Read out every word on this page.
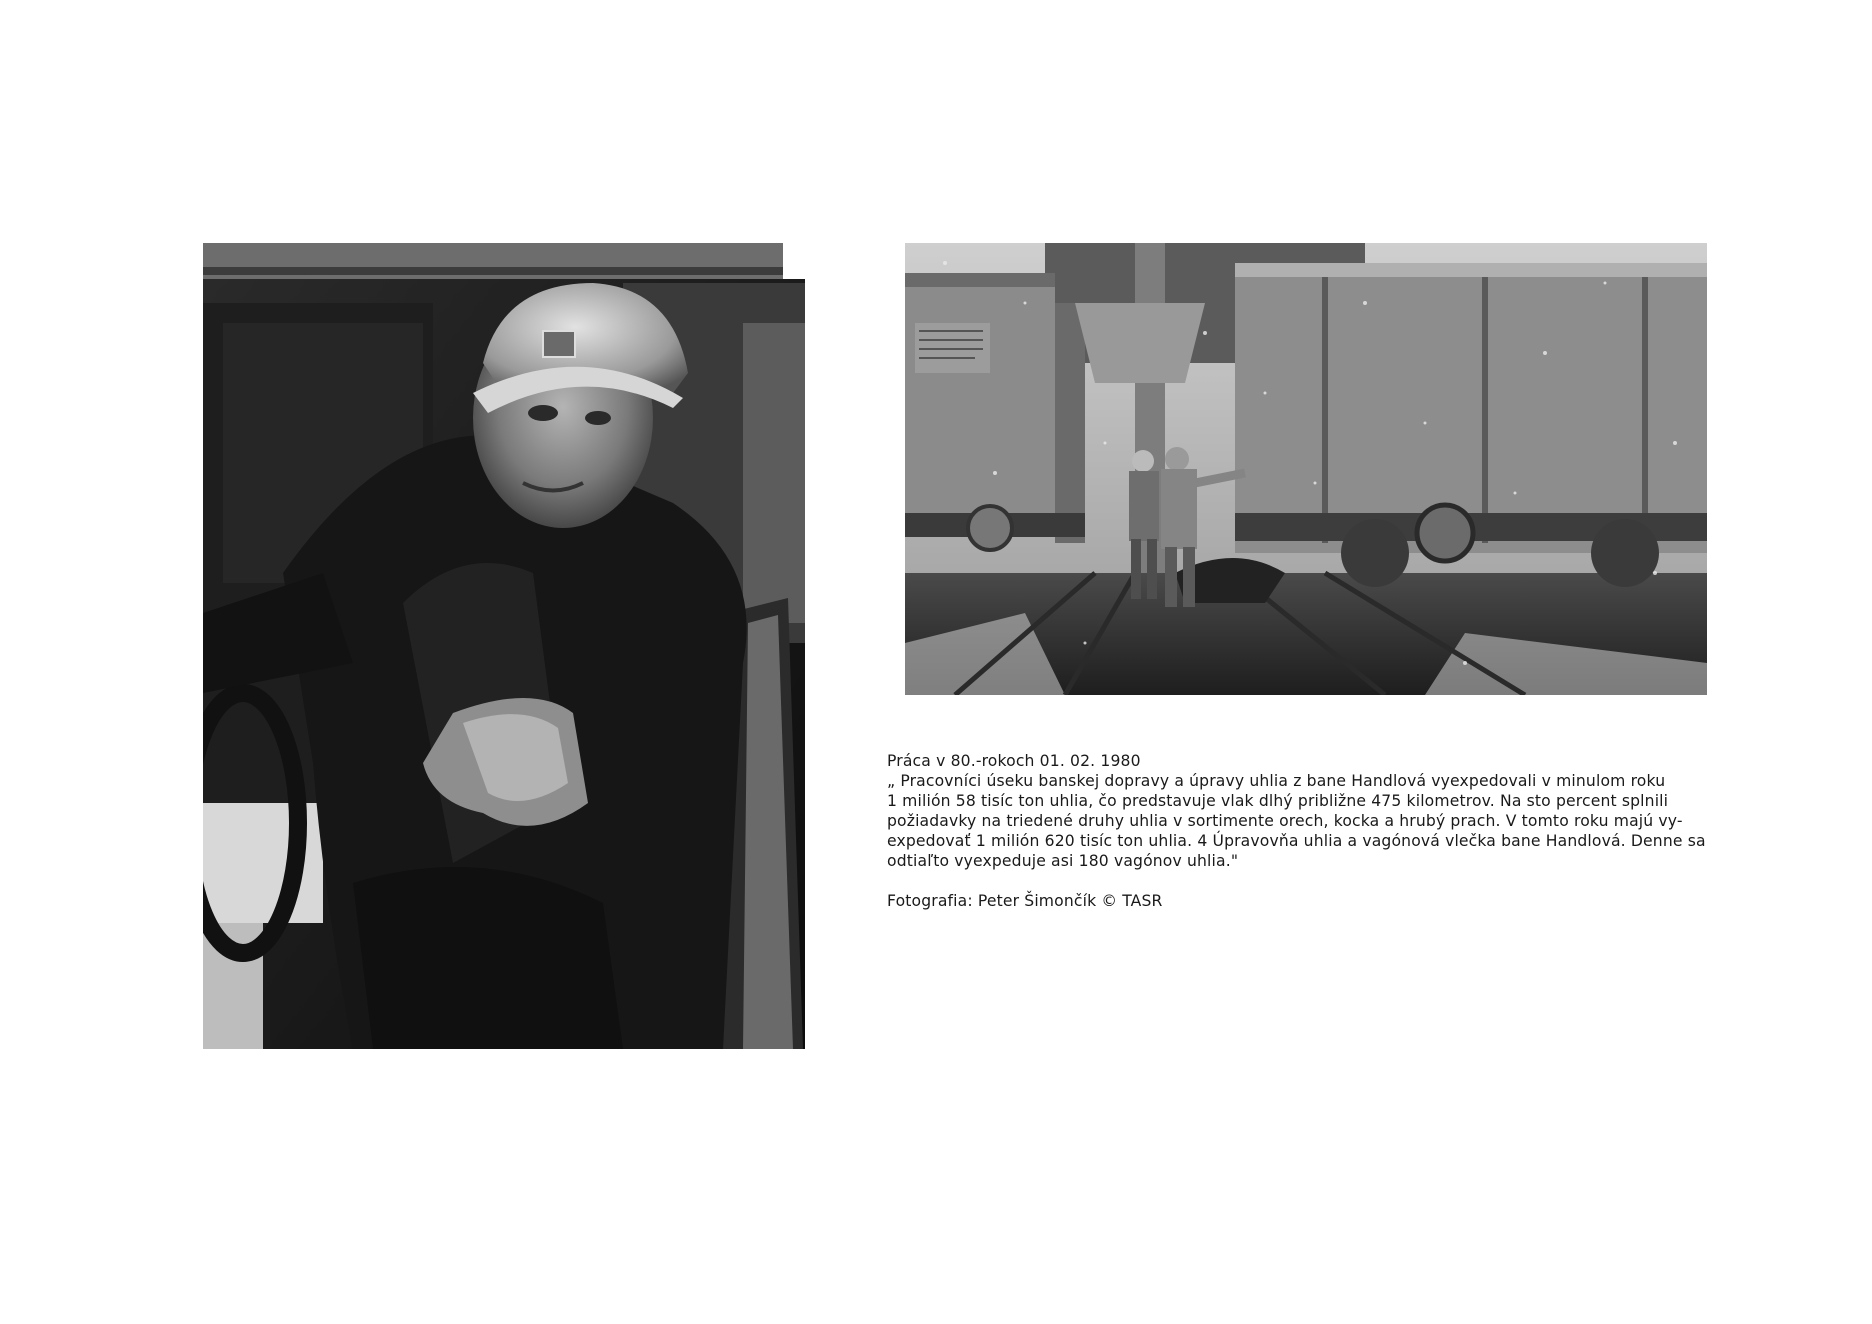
Práca v 80.-rokoch 01. 02. 1980

„ Pracovníci úseku banskej dopravy a úpravy uhlia z bane Handlová vyexpedovali v minulom roku

1 milión 58 tisíc ton uhlia, čo predstavuje vlak dlhý približne 475 kilometrov. Na sto percent splnili

požiadavky na triedené druhy uhlia v sortimente orech, kocka a hrubý prach. V tomto roku majú vy-

expedovať 1 milión 620 tisíc ton uhlia. 4 Úpravovňa uhlia a vagónová vlečka bane Handlová. Denne sa

odtiaľto vyexpeduje asi 180 vagónov uhlia."

Fotografia: Peter Šimončík © TASR
